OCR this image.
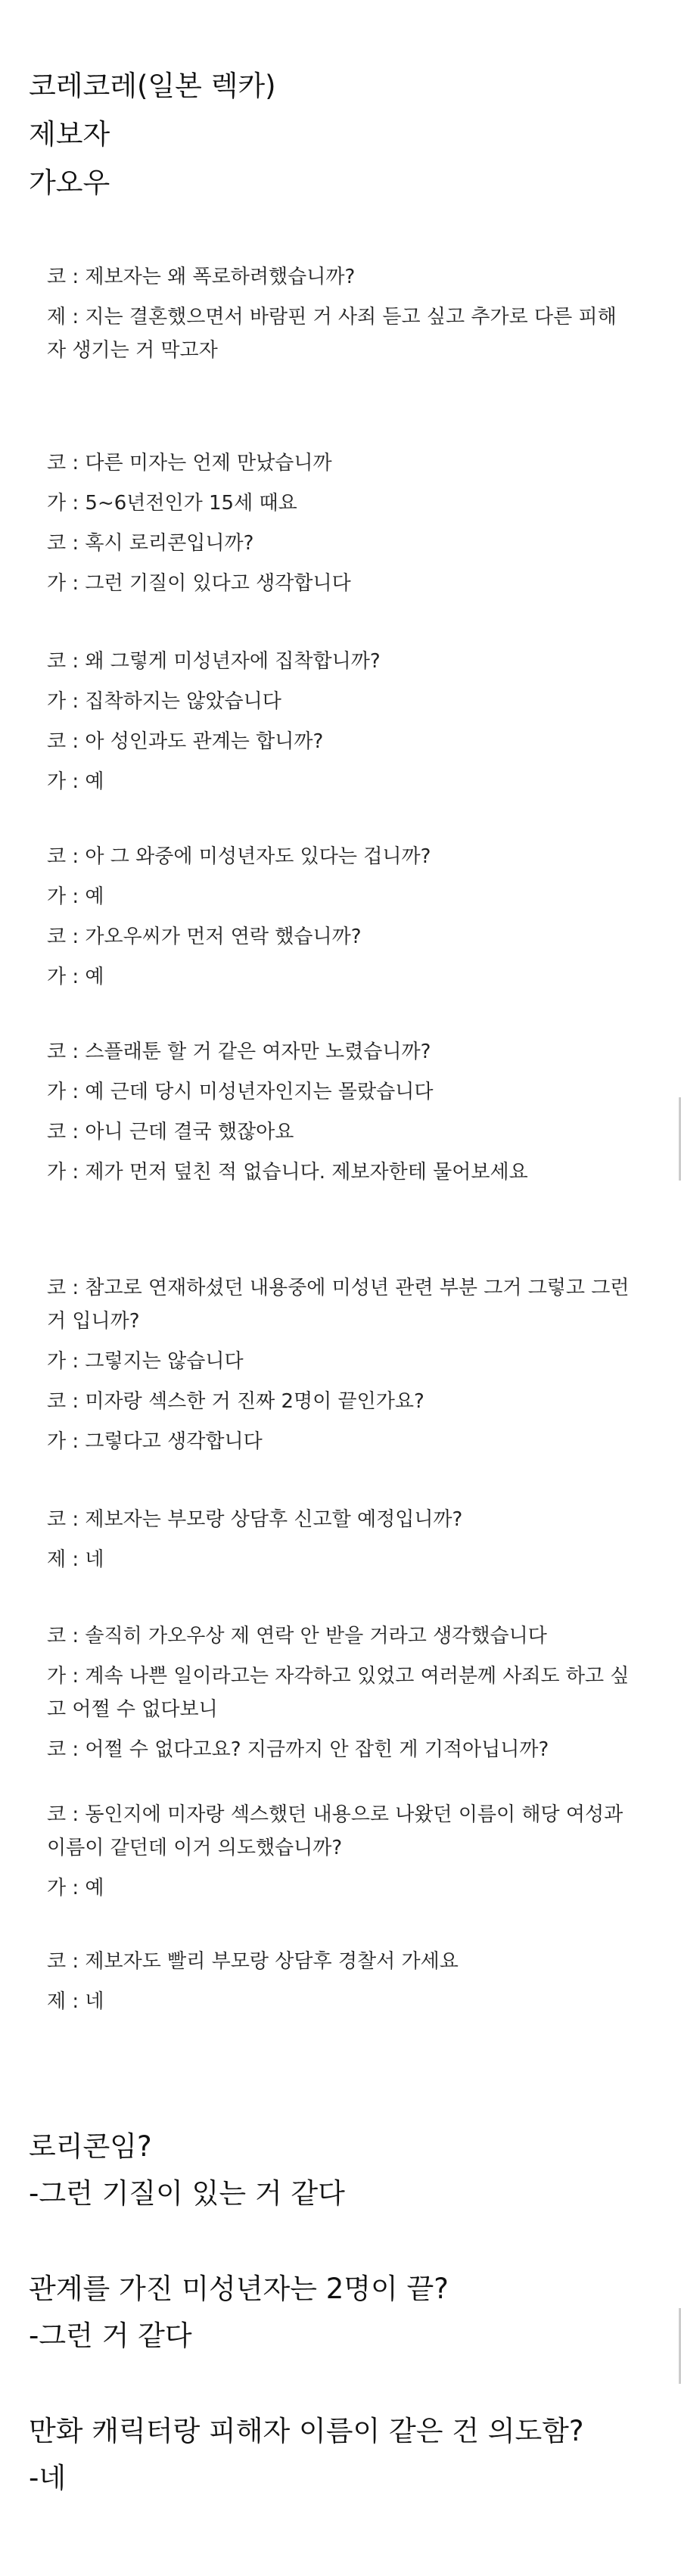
코레코레(일본 렉카)

제보자

가오우

코 : 제보자는 왜 폭로하려했습니까?

제 : 지는 결혼했으면서 바람핀 거 사죄 듣고 싶고 추가로 다른 피해자 생기는 거 막고자

코 : 다른 미자는 언제 만났습니까

가 : 5~6년전인가 15세 때요

코 : 혹시 로리콘입니까?

가 : 그런 기질이 있다고 생각합니다

코 : 왜 그렇게 미성년자에 집착합니까?

가 : 집착하지는 않았습니다

코 : 아 성인과도 관계는 합니까?

가 : 예

코 : 아 그 와중에 미성년자도 있다는 겁니까?

가 : 예

코 : 가오우씨가 먼저 연락 했습니까?

가 : 예

코 : 스플래툰 할 거 같은 여자만 노렸습니까?

가 : 예 근데 당시 미성년자인지는 몰랐습니다

코 : 아니 근데 결국 했잖아요

가 : 제가 먼저 덮친 적 없습니다. 제보자한테 물어보세요

코 : 참고로 연재하셨던 내용중에 미성년 관련 부분 그거 그렇고 그런 거 입니까?

가 : 그렇지는 않습니다

코 : 미자랑 섹스한 거 진짜 2명이 끝인가요?

가 : 그렇다고 생각합니다

코 : 제보자는 부모랑 상담후 신고할 예정입니까?

제 : 네

코 : 솔직히 가오우상 제 연락 안 받을 거라고 생각했습니다

가 : 계속 나쁜 일이라고는 자각하고 있었고 여러분께 사죄도 하고 싶고 어쩔 수 없다보니

코 : 어쩔 수 없다고요? 지금까지 안 잡힌 게 기적아닙니까?

코 : 동인지에 미자랑 섹스했던 내용으로 나왔던 이름이 해당 여성과 이름이 같던데 이거 의도했습니까?

가 : 예

코 : 제보자도 빨리 부모랑 상담후 경찰서 가세요

제 : 네

로리콘임?

-그런 기질이 있는 거 같다

관계를 가진 미성년자는 2명이 끝?

-그런 거 같다

만화 캐릭터랑 피해자 이름이 같은 건 의도함?

-네
